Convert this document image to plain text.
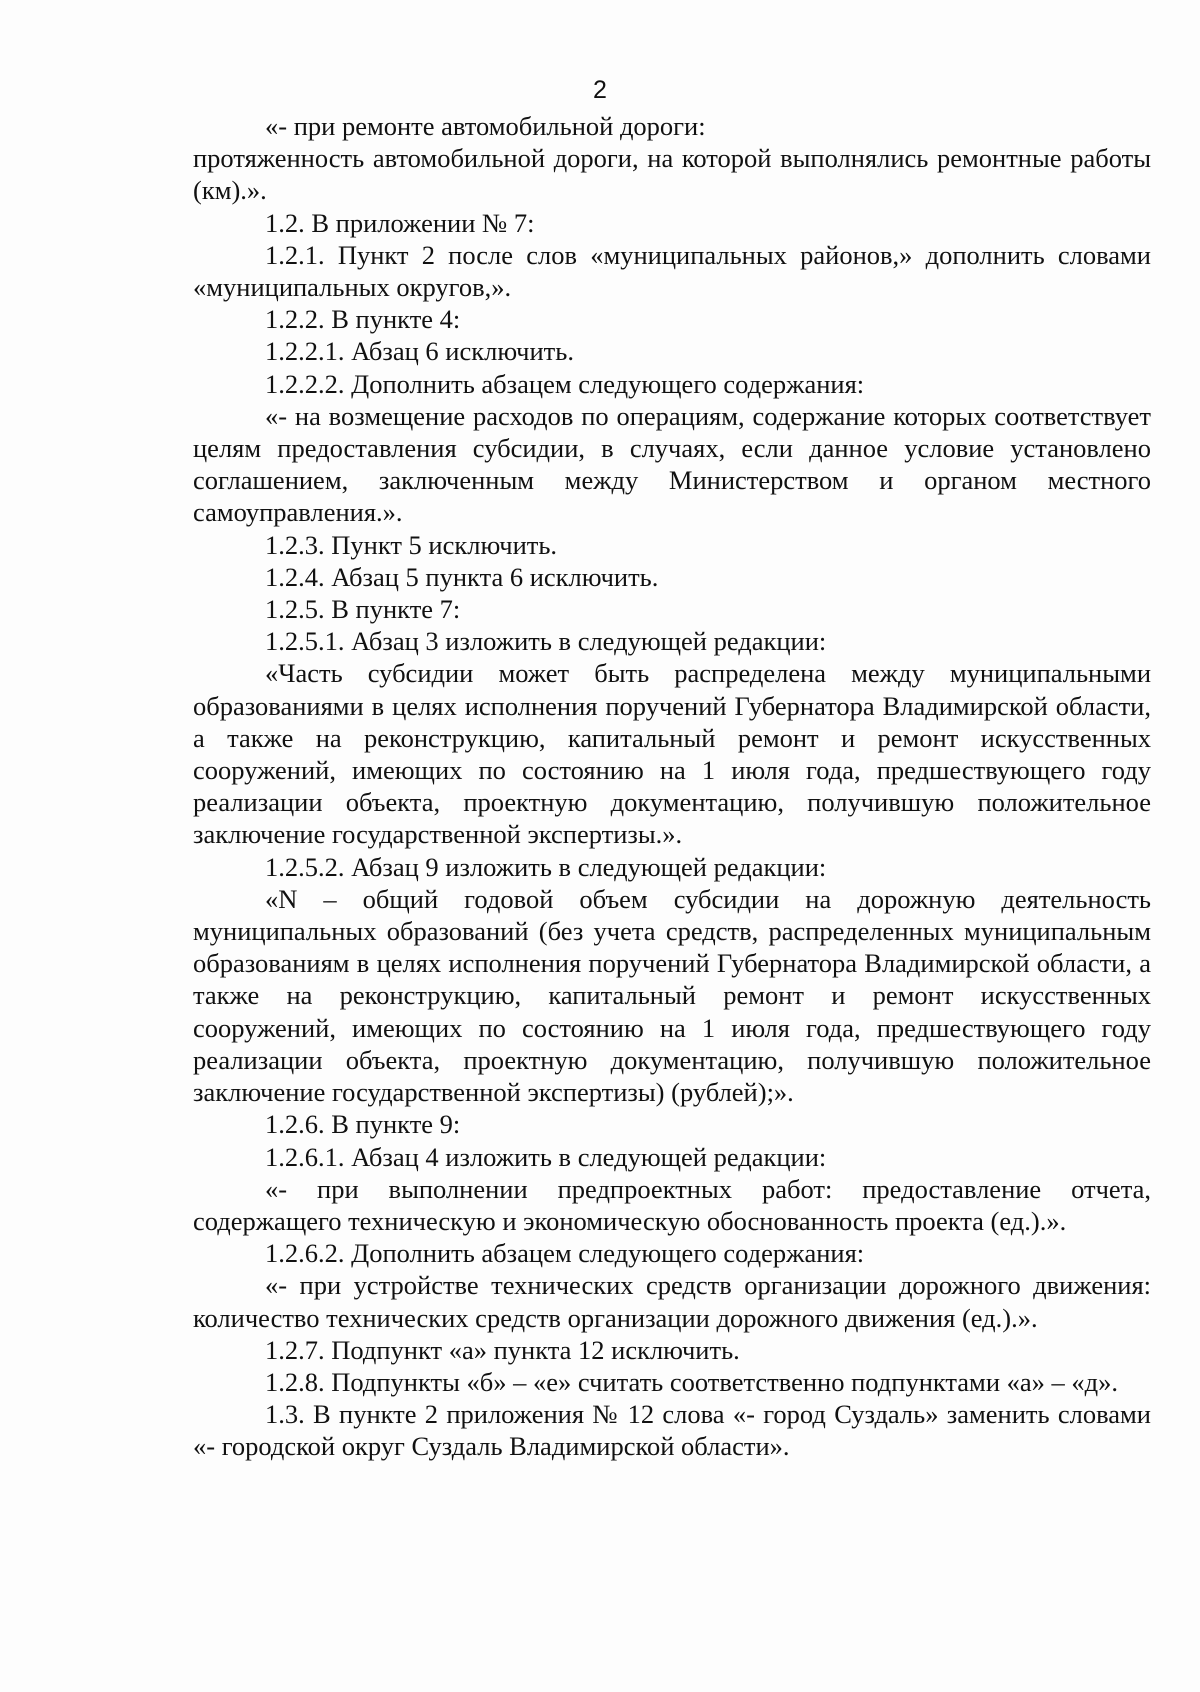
2

«- при ремонте автомобильной дороги:

протяженность автомобильной дороги, на которой выполнялись ремонтные работы (км).».

1.2. В приложении № 7:

1.2.1. Пункт 2 после слов «муниципальных районов,» дополнить словами «муниципальных округов,».

1.2.2. В пункте 4:

1.2.2.1. Абзац 6 исключить.

1.2.2.2. Дополнить абзацем следующего содержания:

«- на возмещение расходов по операциям, содержание которых соответствует целям предоставления субсидии, в случаях, если данное условие установлено соглашением, заключенным между Министерством и органом местного самоуправления.».

1.2.3. Пункт 5 исключить.

1.2.4. Абзац 5 пункта 6 исключить.

1.2.5. В пункте 7:

1.2.5.1. Абзац 3 изложить в следующей редакции:

«Часть субсидии может быть распределена между муниципальными образованиями в целях исполнения поручений Губернатора Владимирской области, а также на реконструкцию, капитальный ремонт и ремонт искусственных сооружений, имеющих по состоянию на 1 июля года, предшествующего году реализации объекта, проектную документацию, получившую положительное заключение государственной экспертизы.».

1.2.5.2. Абзац 9 изложить в следующей редакции:

«N – общий годовой объем субсидии на дорожную деятельность муниципальных образований (без учета средств, распределенных муниципальным образованиям в целях исполнения поручений Губернатора Владимирской области, а также на реконструкцию, капитальный ремонт и ремонт искусственных сооружений, имеющих по состоянию на 1 июля года, предшествующего году реализации объекта, проектную документацию, получившую положительное заключение государственной экспертизы) (рублей);».

1.2.6. В пункте 9:

1.2.6.1. Абзац 4 изложить в следующей редакции:

«- при выполнении предпроектных работ: предоставление отчета, содержащего техническую и экономическую обоснованность проекта (ед.).».

1.2.6.2. Дополнить абзацем следующего содержания:

«- при устройстве технических средств организации дорожного движения: количество технических средств организации дорожного движения (ед.).».

1.2.7. Подпункт «а» пункта 12 исключить.

1.2.8. Подпункты «б» – «е» считать соответственно подпунктами «а» – «д».

1.3. В пункте 2 приложения № 12 слова «- город Суздаль» заменить словами «- городской округ Суздаль Владимирской области».
